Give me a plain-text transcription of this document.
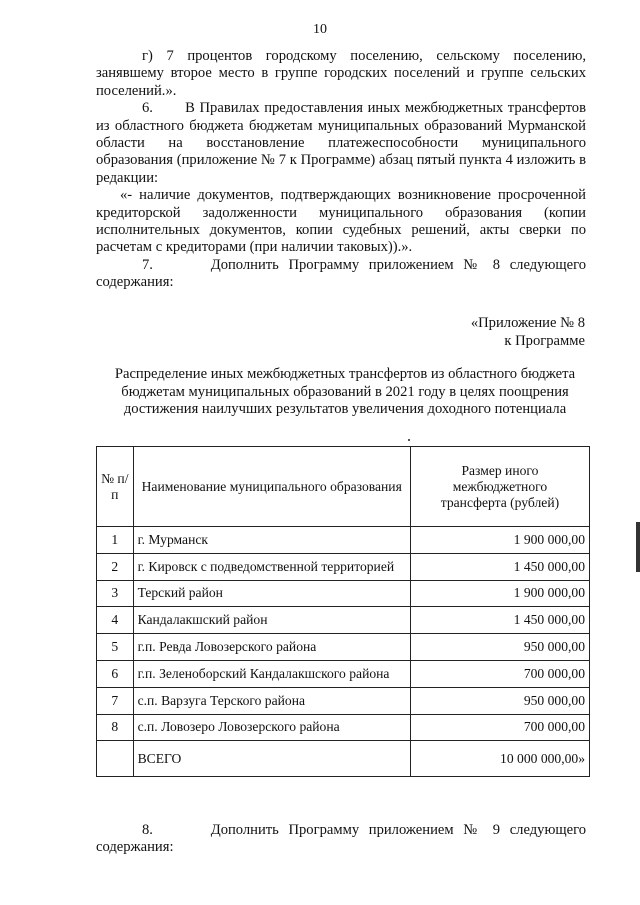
10

г) 7 процентов городскому поселению, сельскому поселению, занявшему второе место в группе городских поселений и группе сельских поселений.».

6.       В Правилах предоставления иных межбюджетных трансфертов из областного бюджета бюджетам муниципальных образований Мурманской области на восстановление платежеспособности муниципального образования (приложение № 7 к Программе) абзац пятый пункта 4 изложить в редакции:

«- наличие документов, подтверждающих возникновение просроченной кредиторской задолженности муниципального образования (копии исполнительных документов, копии судебных решений, акты сверки по расчетам с кредиторами (при наличии таковых)).».

7.      Дополнить Программу приложением № 8 следующего содержания:

«Приложение № 8
к Программе
Распределение иных межбюджетных трансфертов из областного бюджета бюджетам муниципальных образований в 2021 году в целях поощрения достижения наилучших результатов увеличения доходного потенциала
№ п/п	Наименование муниципального образования	Размер иного межбюджетного трансферта (рублей)
1	г. Мурманск	1 900 000,00
2	г. Кировск с подведомственной территорией	1 450 000,00
3	Терский район	1 900 000,00
4	Кандалакшский район	1 450 000,00
5	г.п. Ревда Ловозерского района	950 000,00
6	г.п. Зеленоборский Кандалакшского района	700 000,00
7	с.п. Варзуга Терского района	950 000,00
8	с.п. Ловозеро Ловозерского района	700 000,00
	ВСЕГО	10 000 000,00»

8.      Дополнить Программу приложением № 9 следующего содержания:
